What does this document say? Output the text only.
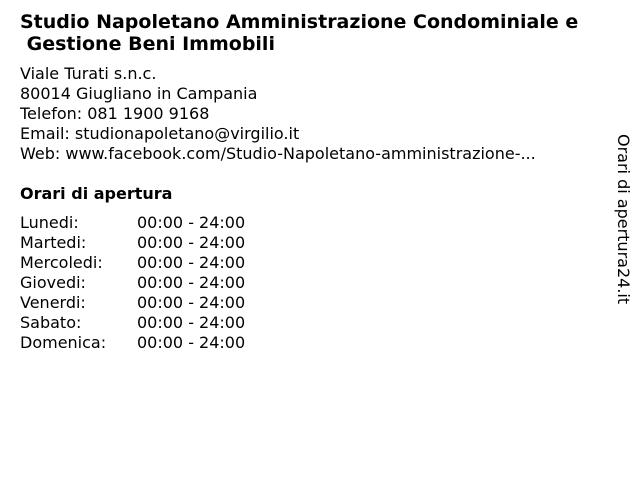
Studio Napoletano Amministrazione Condominiale e
Gestione Beni Immobili
Viale Turati s.n.c.
80014 Giugliano in Campania
Telefon: 081 1900 9168
Email: studionapoletano@virgilio.it
Web: www.facebook.com/Studio-Napoletano-amministrazione-...
Orari di apertura
Lunedi:	00:00 - 24:00
Martedi:	00:00 - 24:00
Mercoledi:	00:00 - 24:00
Giovedi:	00:00 - 24:00
Venerdi:	00:00 - 24:00
Sabato:	00:00 - 24:00
Domenica:	00:00 - 24:00
Orari di apertura24.it
